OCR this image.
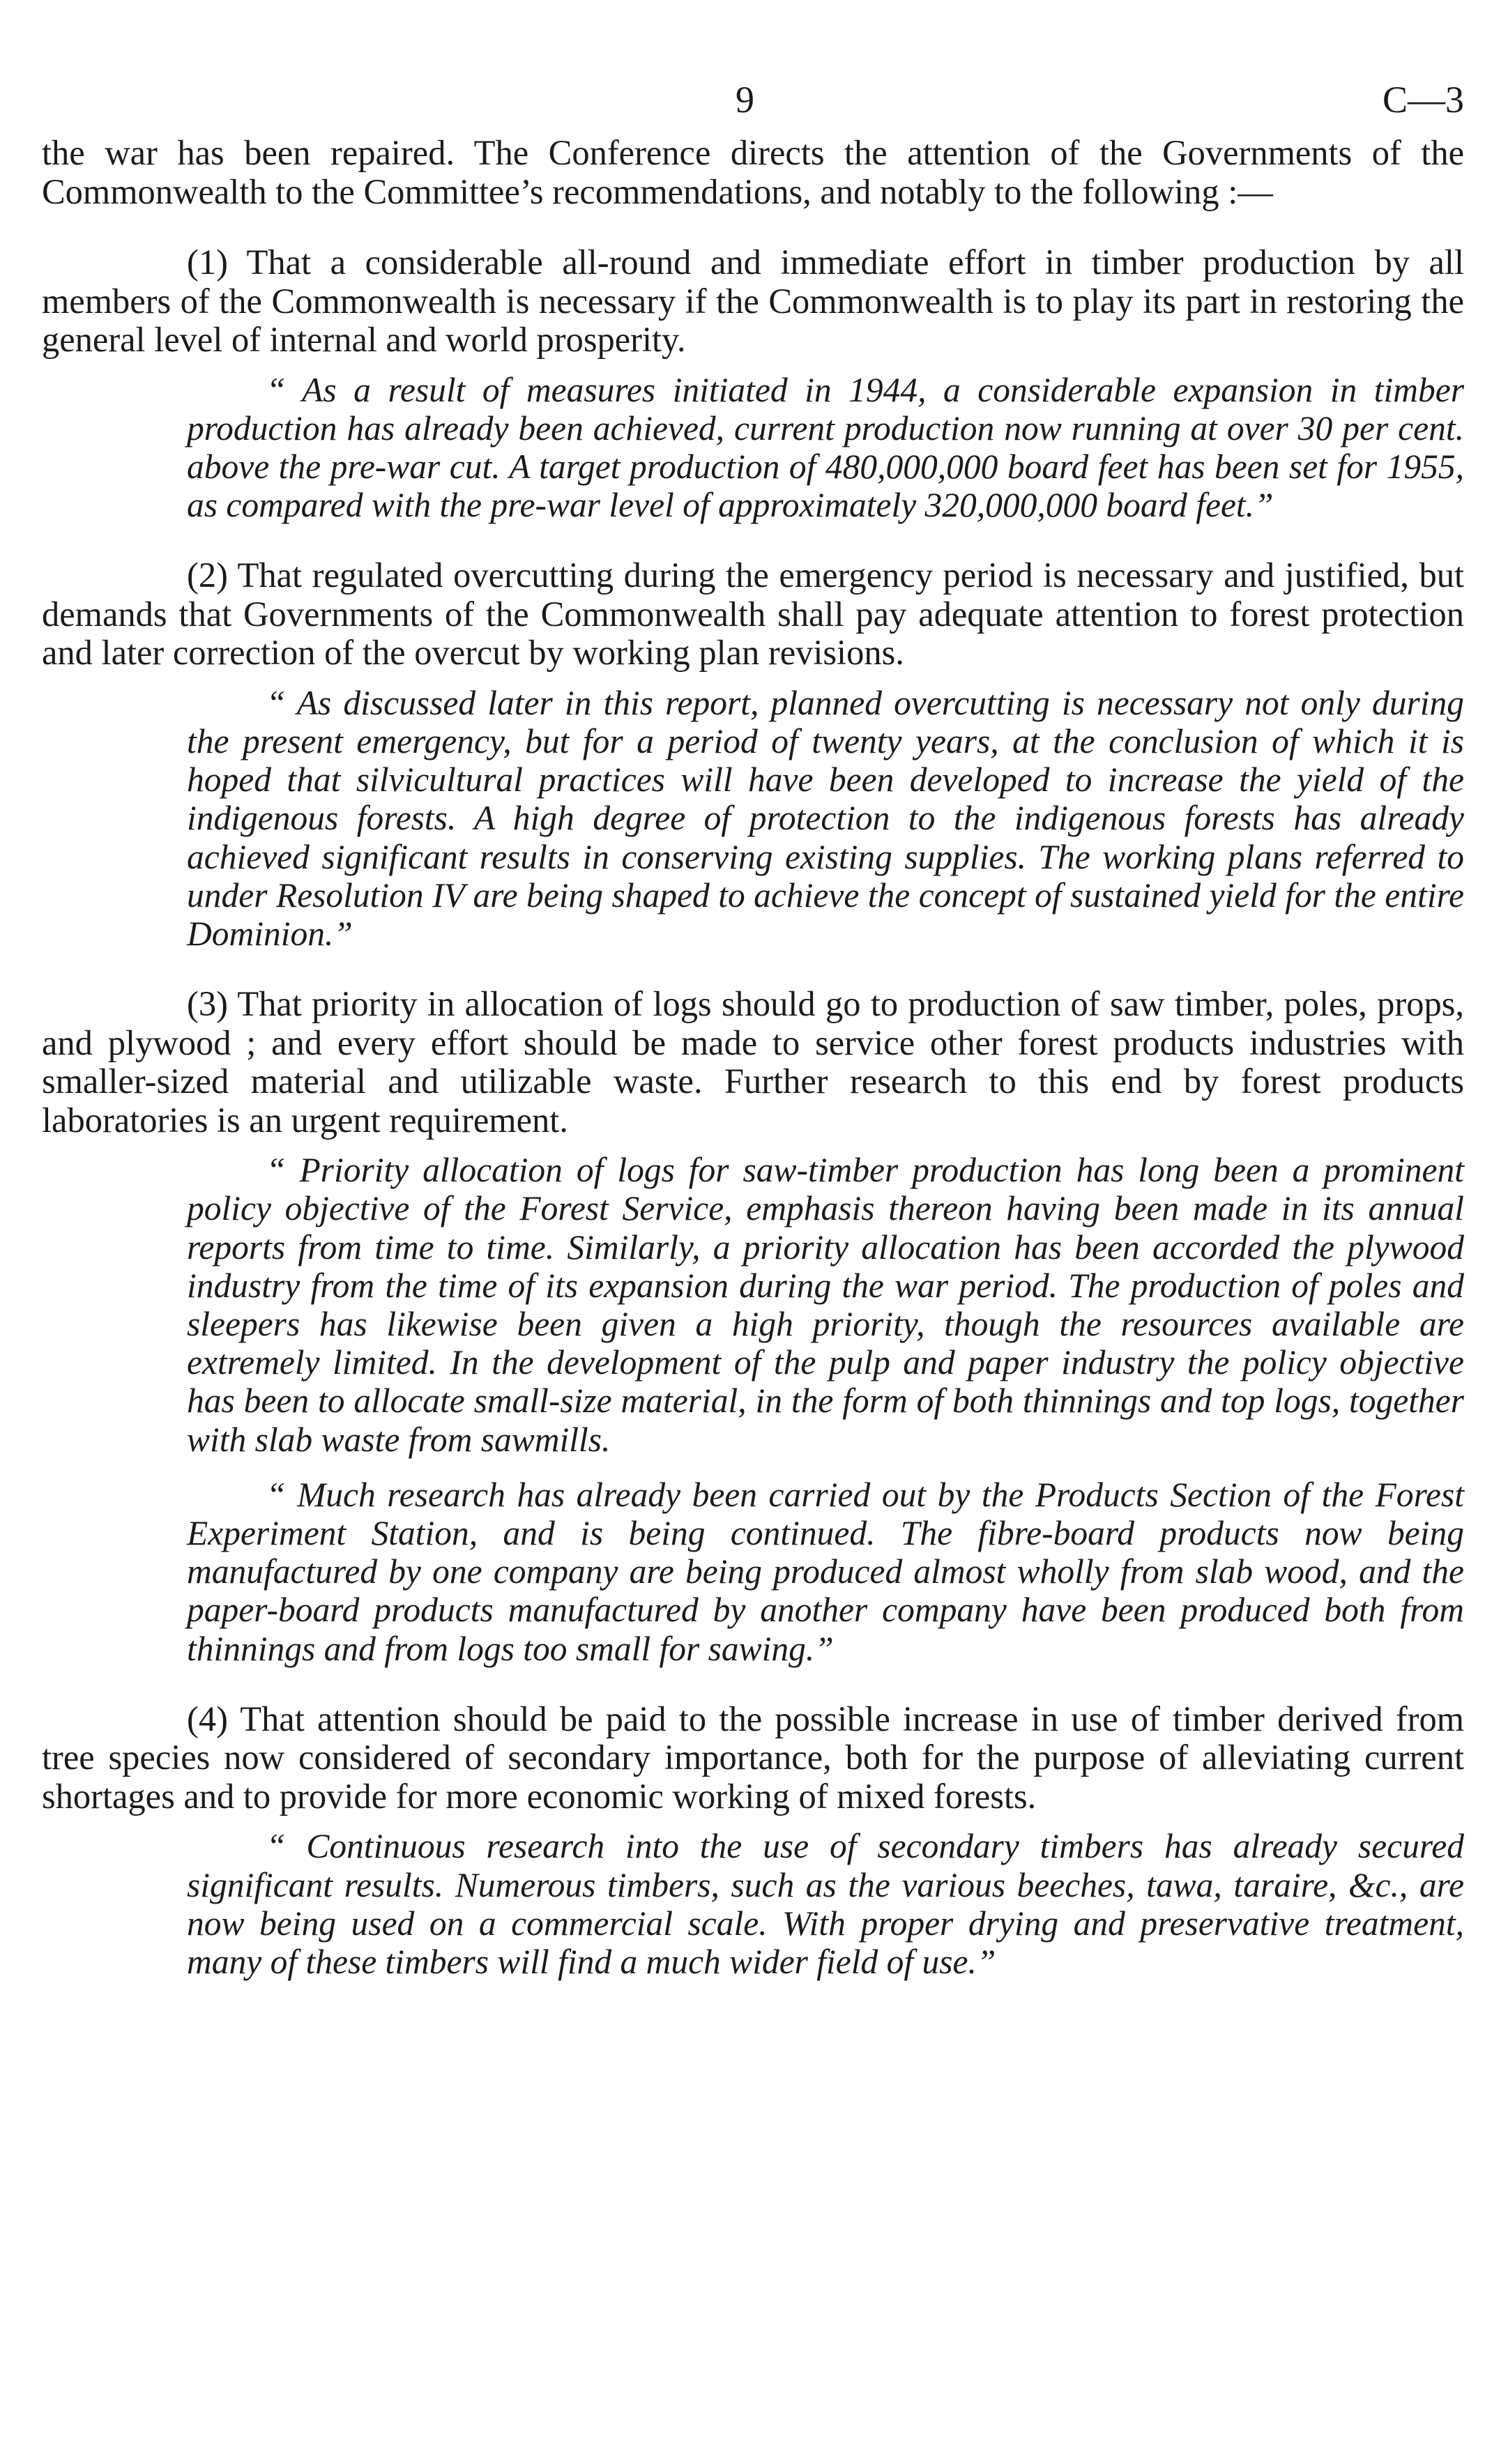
9	C—3

the war has been repaired. The Conference directs the attention of the Governments of the Commonwealth to the Committee’s recommendations, and notably to the following :—

(1) That a considerable all-round and immediate effort in timber production by all members of the Commonwealth is necessary if the Commonwealth is to play its part in restoring the general level of internal and world prosperity.

“ As a result of measures initiated in 1944, a considerable expansion in timber production has already been achieved, current production now running at over 30 per cent. above the pre-war cut. A target production of 480,000,000 board feet has been set for 1955, as compared with the pre-war level of approximately 320,000,000 board feet.”

(2) That regulated overcutting during the emergency period is necessary and justified, but demands that Governments of the Commonwealth shall pay adequate attention to forest protection and later correction of the overcut by working plan revisions.

“ As discussed later in this report, planned overcutting is necessary not only during the present emergency, but for a period of twenty years, at the conclusion of which it is hoped that silvicultural practices will have been developed to increase the yield of the indigenous forests. A high degree of protection to the indigenous forests has already achieved significant results in conserving existing supplies. The working plans referred to under Resolution IV are being shaped to achieve the concept of sustained yield for the entire Dominion.”

(3) That priority in allocation of logs should go to production of saw timber, poles, props, and plywood ; and every effort should be made to service other forest products industries with smaller-sized material and utilizable waste. Further research to this end by forest products laboratories is an urgent requirement.

“ Priority allocation of logs for saw-timber production has long been a prominent policy objective of the Forest Service, emphasis thereon having been made in its annual reports from time to time. Similarly, a priority allocation has been accorded the plywood industry from the time of its expansion during the war period. The production of poles and sleepers has likewise been given a high priority, though the resources available are extremely limited. In the development of the pulp and paper industry the policy objective has been to allocate small-size material, in the form of both thinnings and top logs, together with slab waste from sawmills.

“ Much research has already been carried out by the Products Section of the Forest Experiment Station, and is being continued. The fibre-board products now being manufactured by one company are being produced almost wholly from slab wood, and the paper-board products manufactured by another company have been produced both from thinnings and from logs too small for sawing.”

(4) That attention should be paid to the possible increase in use of timber derived from tree species now considered of secondary importance, both for the purpose of alleviating current shortages and to provide for more economic working of mixed forests.

“ Continuous research into the use of secondary timbers has already secured significant results. Numerous timbers, such as the various beeches, tawa, taraire, &c., are now being used on a commercial scale. With proper drying and preservative treatment, many of these timbers will find a much wider field of use.”
